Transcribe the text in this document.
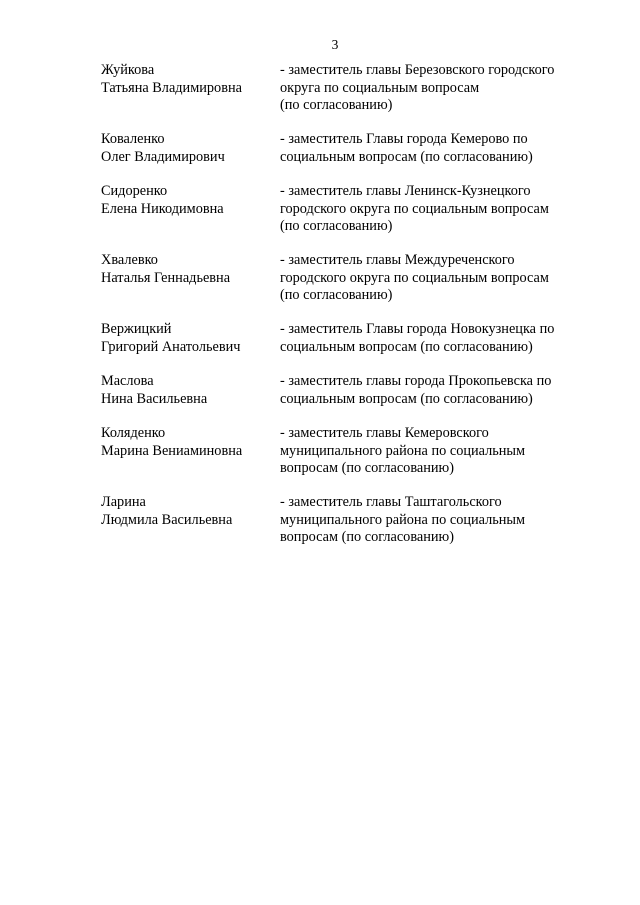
3
Жуйкова
Татьяна Владимировна
- заместитель главы Березовского городского
округа по социальным вопросам
(по согласованию)
Коваленко
Олег Владимирович
- заместитель Главы города Кемерово по
социальным вопросам (по согласованию)
Сидоренко
Елена Никодимовна
- заместитель главы Ленинск-Кузнецкого
городского округа по социальным вопросам
(по согласованию)
Хвалевко
Наталья Геннадьевна
- заместитель главы Междуреченского
городского округа по социальным вопросам
(по согласованию)
Вержицкий
Григорий Анатольевич
- заместитель Главы города Новокузнецка по
социальным вопросам (по согласованию)
Маслова
Нина Васильевна
- заместитель главы города Прокопьевска по
социальным вопросам (по согласованию)
Коляденко
Марина Вениаминовна
- заместитель главы Кемеровского
муниципального района по социальным
вопросам (по согласованию)
Ларина
Людмила Васильевна
- заместитель главы Таштагольского
муниципального района по социальным
вопросам (по согласованию)
